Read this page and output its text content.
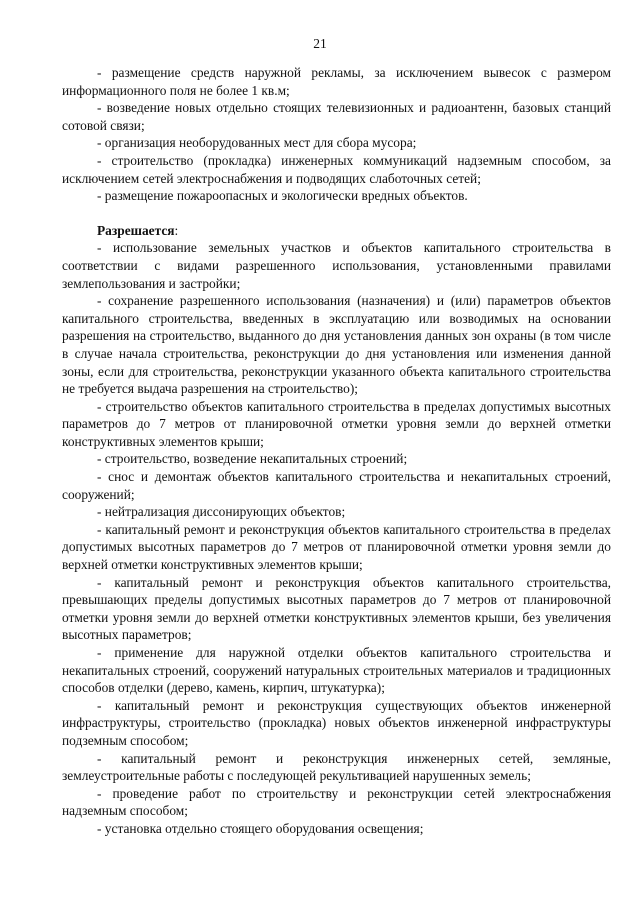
21

- размещение средств наружной рекламы, за исключением вывесок с размером информационного поля не более 1 кв.м;

- возведение новых отдельно стоящих телевизионных и радиоантенн, базовых станций сотовой связи;

- организация необорудованных мест для сбора мусора;

- строительство (прокладка) инженерных коммуникаций надземным способом, за исключением сетей электроснабжения и подводящих слаботочных сетей;

- размещение пожароопасных и экологически вредных объектов.

Разрешается:

- использование земельных участков и объектов капитального строительства в соответствии с видами разрешенного использования, установленными правилами землепользования и застройки;

- сохранение разрешенного использования (назначения) и (или) параметров объектов капитального строительства, введенных в эксплуатацию или возводимых на основании разрешения на строительство, выданного до дня установления данных зон охраны (в том числе в случае начала строительства, реконструкции до дня установления или изменения данной зоны, если для строительства, реконструкции указанного объекта капитального строительства не требуется выдача разрешения на строительство);

- строительство объектов капитального строительства в пределах допустимых высотных параметров до 7 метров от планировочной отметки уровня земли до верхней отметки конструктивных элементов крыши;

- строительство, возведение некапитальных строений;

- снос и демонтаж объектов капитального строительства и некапитальных строений, сооружений;

- нейтрализация диссонирующих объектов;

- капитальный ремонт и реконструкция объектов капитального строительства в пределах допустимых высотных параметров до 7 метров от планировочной отметки уровня земли до верхней отметки конструктивных элементов крыши;

- капитальный ремонт и реконструкция объектов капитального строительства, превышающих пределы допустимых высотных параметров до 7 метров от планировочной отметки уровня земли до верхней отметки конструктивных элементов крыши, без увеличения высотных параметров;

- применение для наружной отделки объектов капитального строительства и некапитальных строений, сооружений натуральных строительных материалов и традиционных способов отделки (дерево, камень, кирпич, штукатурка);

- капитальный ремонт и реконструкция существующих объектов инженерной инфраструктуры, строительство (прокладка) новых объектов инженерной инфраструктуры подземным способом;

- капитальный ремонт и реконструкция инженерных сетей, земляные, землеустроительные работы с последующей рекультивацией нарушенных земель;

- проведение работ по строительству и реконструкции сетей электроснабжения надземным способом;

- установка отдельно стоящего оборудования освещения;
